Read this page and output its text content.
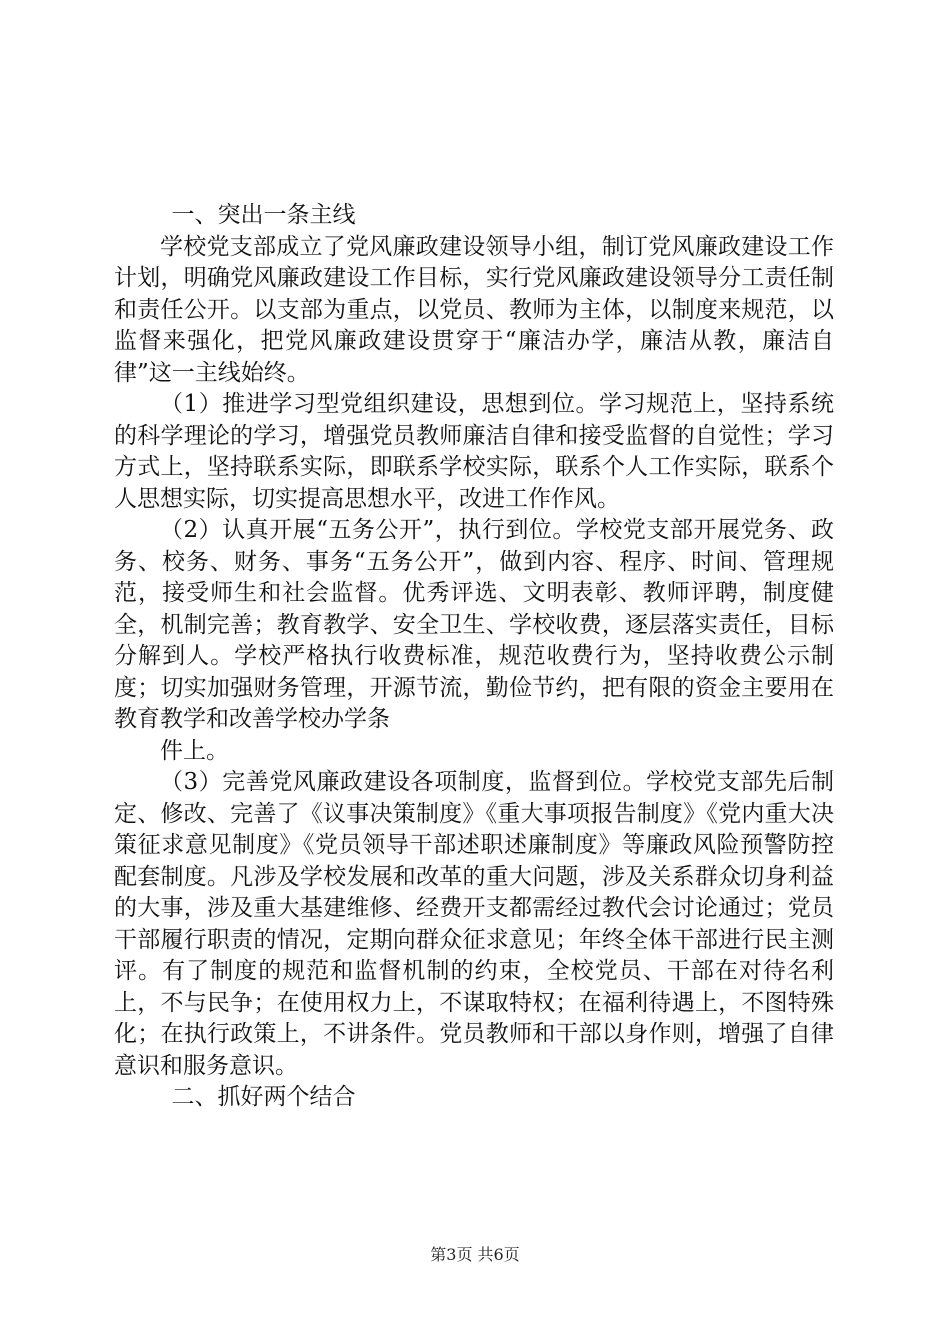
一、突出一条主线

学校党支部成立了党风廉政建设领导小组，制订党风廉政建设工作计划，明确党风廉政建设工作目标，实行党风廉政建设领导分工责任制和责任公开。以支部为重点，以党员、教师为主体，以制度来规范，以监督来强化，把党风廉政建设贯穿于“廉洁办学，廉洁从教，廉洁自律”这一主线始终。

（1）推进学习型党组织建设，思想到位。学习规范上，坚持系统的科学理论的学习，增强党员教师廉洁自律和接受监督的自觉性；学习方式上，坚持联系实际，即联系学校实际，联系个人工作实际，联系个人思想实际，切实提高思想水平，改进工作作风。

（2）认真开展“五务公开”，执行到位。学校党支部开展党务、政务、校务、财务、事务“五务公开”，做到内容、程序、时间、管理规范，接受师生和社会监督。优秀评选、文明表彰、教师评聘，制度健全，机制完善；教育教学、安全卫生、学校收费，逐层落实责任，目标分解到人。学校严格执行收费标准，规范收费行为，坚持收费公示制度；切实加强财务管理，开源节流，勤俭节约，把有限的资金主要用在教育教学和改善学校办学条

件上。

（3）完善党风廉政建设各项制度，监督到位。学校党支部先后制定、修改、完善了《议事决策制度》《重大事项报告制度》《党内重大决策征求意见制度》《党员领导干部述职述廉制度》等廉政风险预警防控配套制度。凡涉及学校发展和改革的重大问题，涉及关系群众切身利益的大事，涉及重大基建维修、经费开支都需经过教代会讨论通过；党员干部履行职责的情况，定期向群众征求意见；年终全体干部进行民主测评。有了制度的规范和监督机制的约束，全校党员、干部在对待名利上，不与民争；在使用权力上，不谋取特权；在福利待遇上，不图特殊化；在执行政策上，不讲条件。党员教师和干部以身作则，增强了自律意识和服务意识。

二、抓好两个结合

第3页 共6页
